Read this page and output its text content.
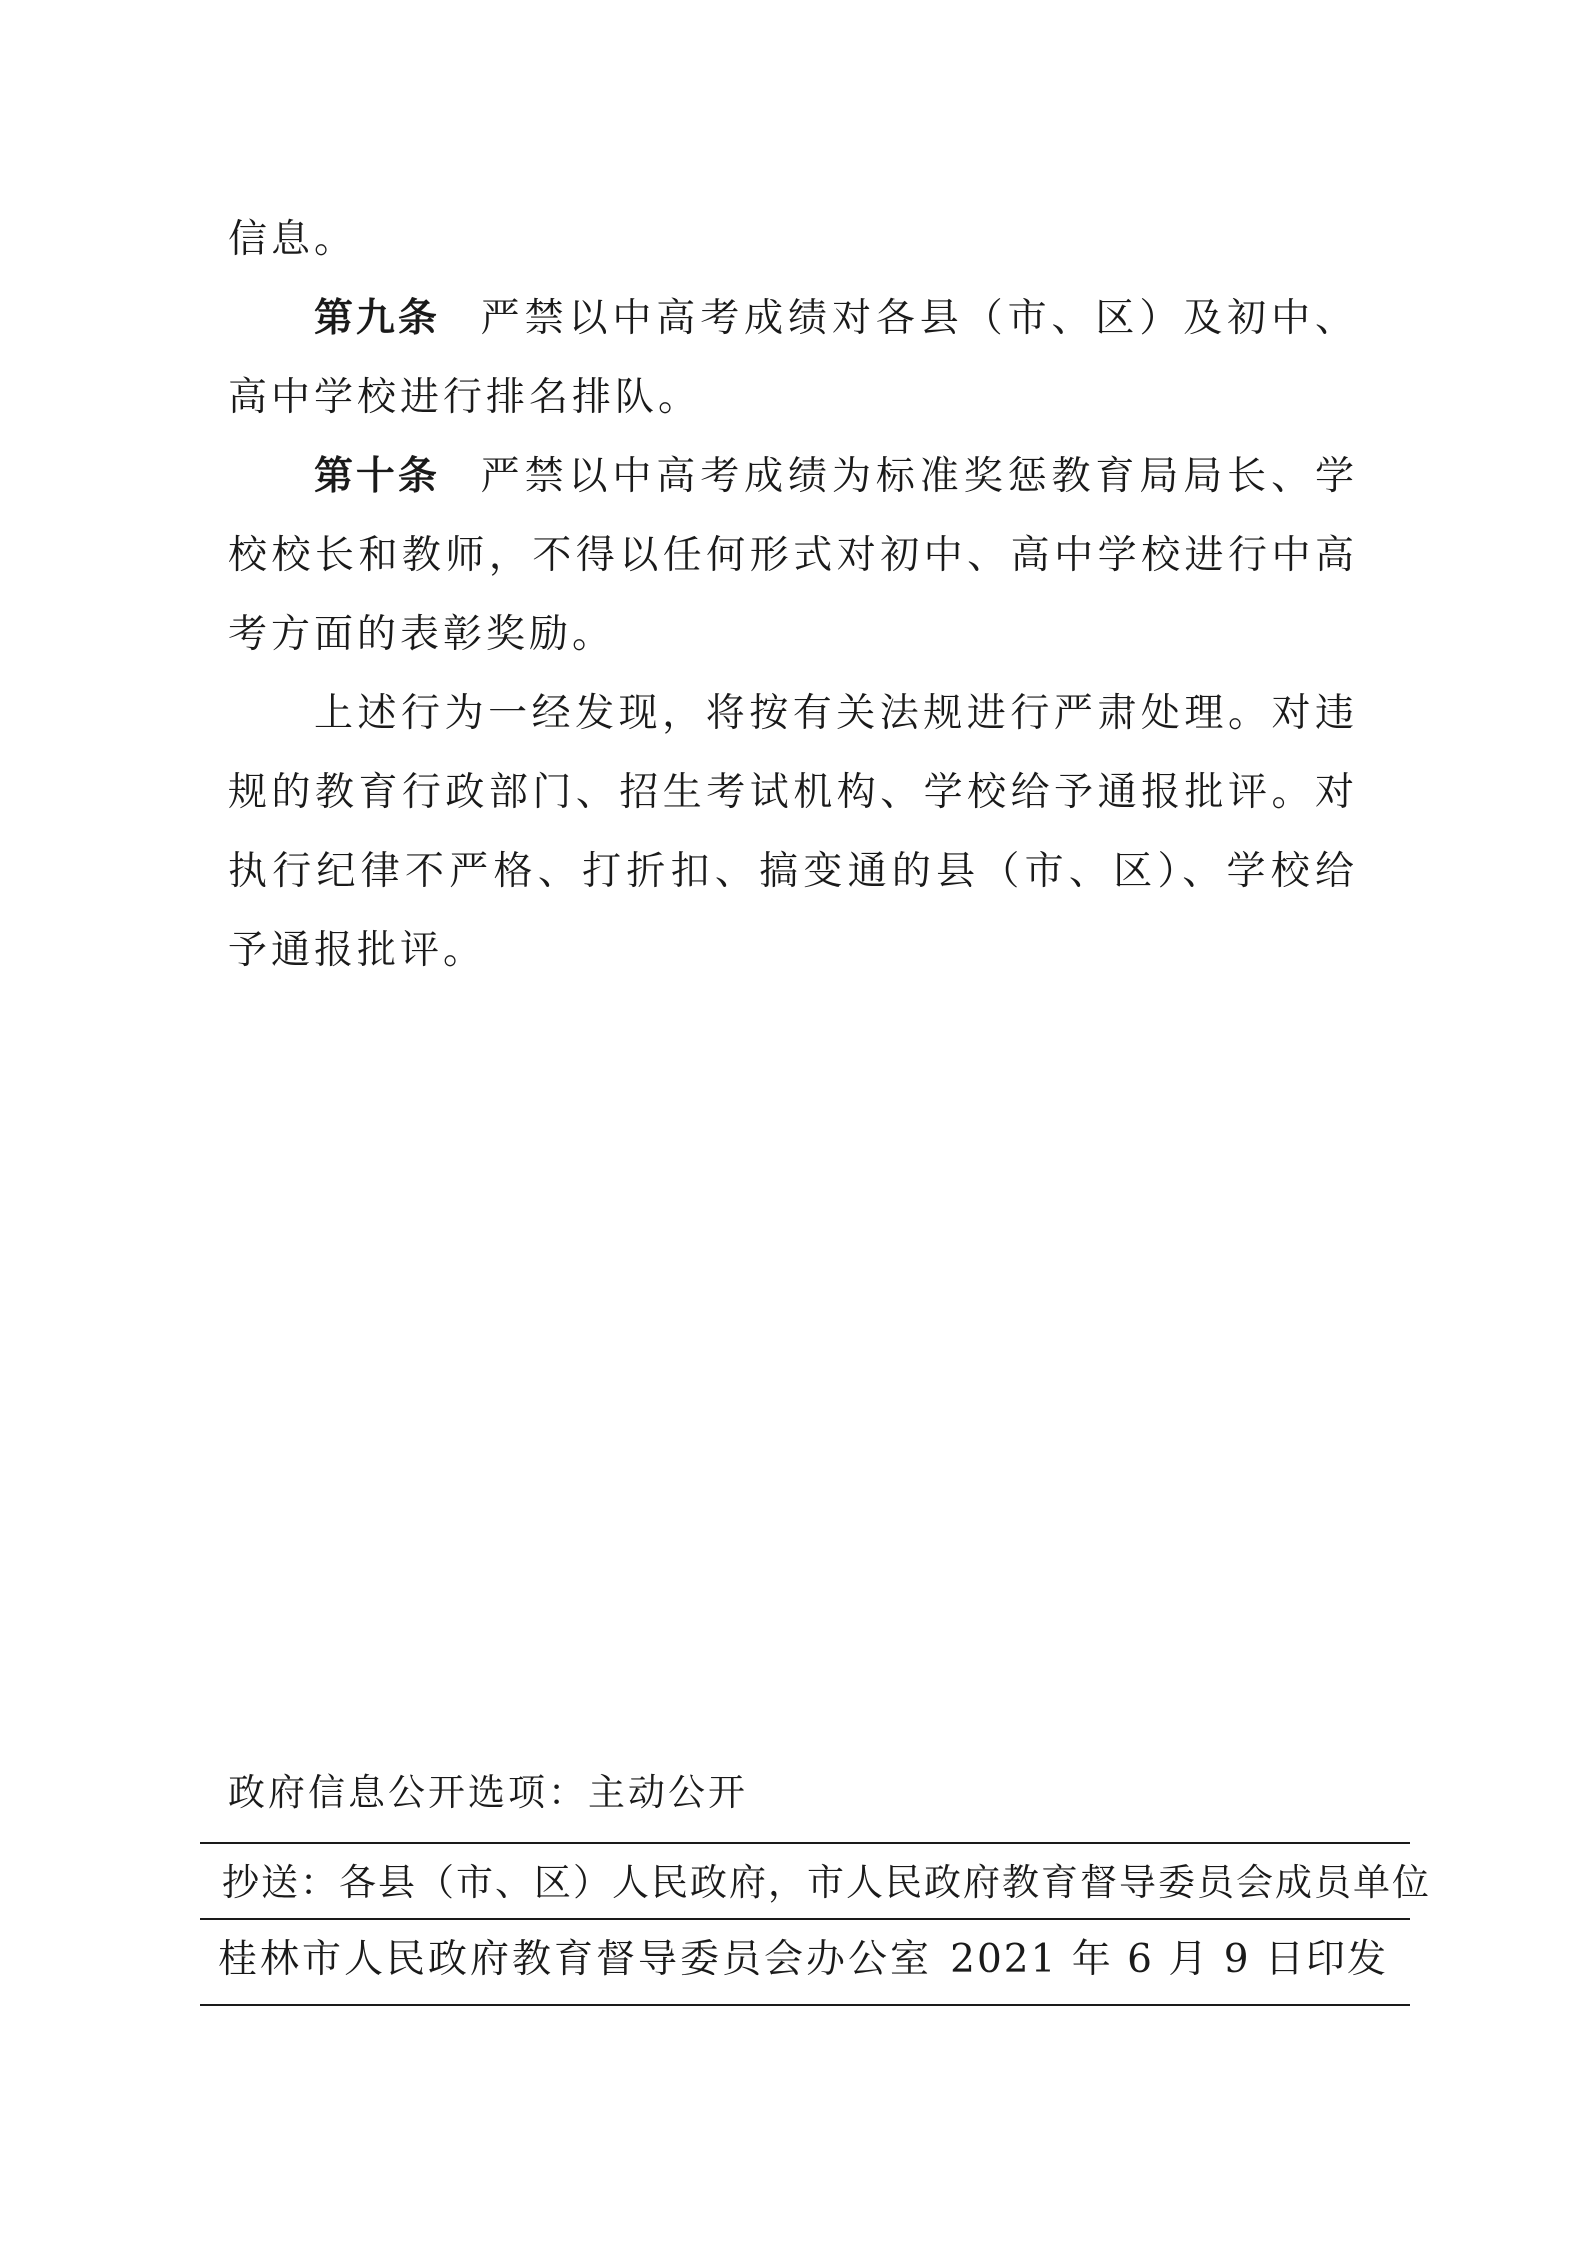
信息。

第九条 严禁以中高考成绩对各县（市、区）及初中、高中学校进行排名排队。

第十条 严禁以中高考成绩为标准奖惩教育局局长、学校校长和教师，不得以任何形式对初中、高中学校进行中高考方面的表彰奖励。

上述行为一经发现，将按有关法规进行严肃处理。对违规的教育行政部门、招生考试机构、学校给予通报批评。对执行纪律不严格、打折扣、搞变通的县（市、区）、学校给予通报批评。

政府信息公开选项：主动公开
抄送：各县（市、区）人民政府，市人民政府教育督导委员会成员单位
桂林市人民政府教育督导委员会办公室 2021 年 6 月 9 日印发
